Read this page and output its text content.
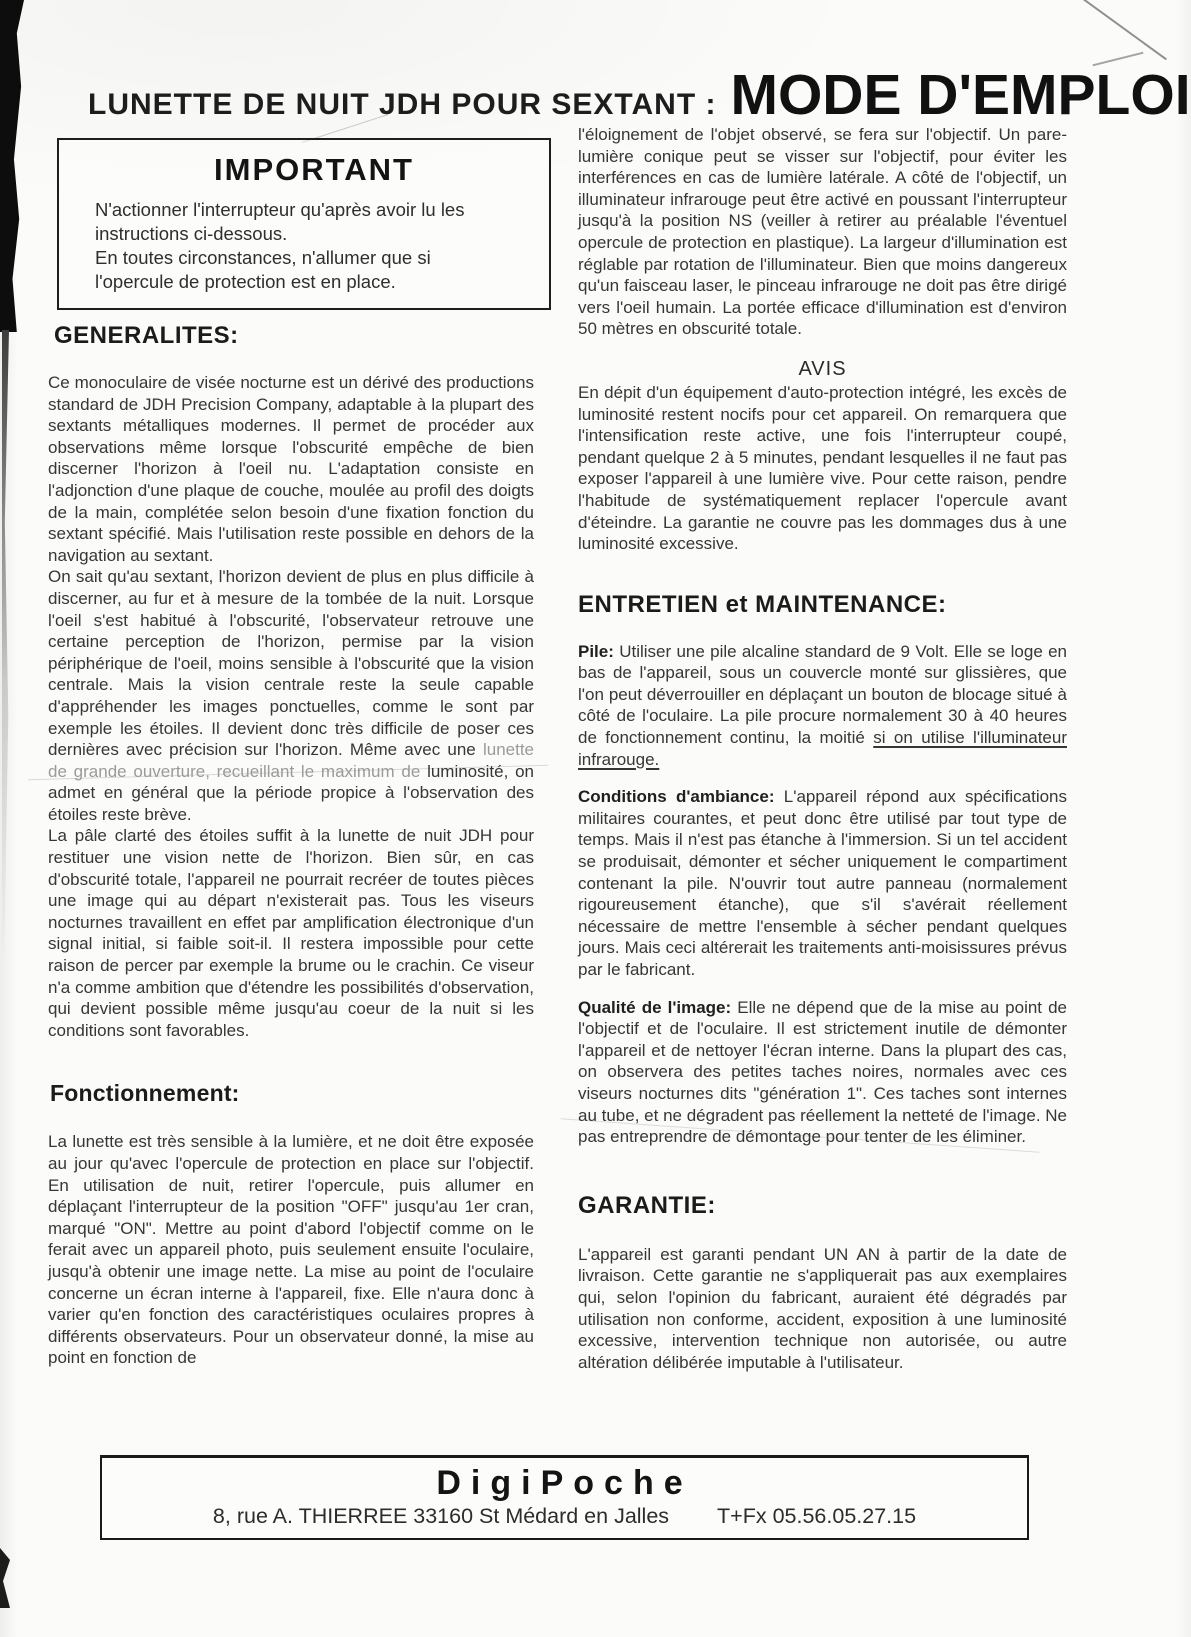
LUNETTE DE NUIT JDH POUR SEXTANT : MODE D'EMPLOI
IMPORTANT
N'actionner l'interrupteur qu'après avoir lu les
instructions ci-dessous.
En toutes circonstances, n'allumer que si
l'opercule de protection est en place.
GENERALITES:

Ce monoculaire de visée nocturne est un dérivé des productions standard de JDH Precision Company, adaptable à la plupart des sextants métalliques modernes. Il permet de procéder aux observations même lorsque l'obscurité empêche de bien discerner l'horizon à l'oeil nu. L'adaptation consiste en l'adjonction d'une plaque de couche, moulée au profil des doigts de la main, complétée selon besoin d'une fixation fonction du sextant spécifié. Mais l'utilisation reste possible en dehors de la navigation au sextant.

On sait qu'au sextant, l'horizon devient de plus en plus difficile à discerner, au fur et à mesure de la tombée de la nuit. Lorsque l'oeil s'est habitué à l'obscurité, l'observateur retrouve une certaine perception de l'horizon, permise par la vision périphérique de l'oeil, moins sensible à l'obscurité que la vision centrale. Mais la vision centrale reste la seule capable d'appréhender les images ponctuelles, comme le sont par exemple les étoiles. Il devient donc très difficile de poser ces dernières avec précision sur l'horizon. Même avec une lunette de grande ouverture, recueillant le maximum de luminosité, on admet en général que la période propice à l'observation des étoiles reste brève.

La pâle clarté des étoiles suffit à la lunette de nuit JDH pour restituer une vision nette de l'horizon. Bien sûr, en cas d'obscurité totale, l'appareil ne pourrait recréer de toutes pièces une image qui au départ n'existerait pas. Tous les viseurs nocturnes travaillent en effet par amplification électronique d'un signal initial, si faible soit-il. Il restera impossible pour cette raison de percer par exemple la brume ou le crachin. Ce viseur n'a comme ambition que d'étendre les possibilités d'observation, qui devient possible même jusqu'au coeur de la nuit si les conditions sont favorables.

Fonctionnement:

La lunette est très sensible à la lumière, et ne doit être exposée au jour qu'avec l'opercule de protection en place sur l'objectif. En utilisation de nuit, retirer l'opercule, puis allumer en déplaçant l'interrupteur de la position "OFF" jusqu'au 1er cran, marqué "ON". Mettre au point d'abord l'objectif comme on le ferait avec un appareil photo, puis seulement ensuite l'oculaire, jusqu'à obtenir une image nette. La mise au point de l'oculaire concerne un écran interne à l'appareil, fixe. Elle n'aura donc à varier qu'en fonction des caractéristiques oculaires propres à différents observateurs. Pour un observateur donné, la mise au point en fonction de

l'éloignement de l'objet observé, se fera sur l'objectif. Un pare-lumière conique peut se visser sur l'objectif, pour éviter les interférences en cas de lumière latérale. A côté de l'objectif, un illuminateur infrarouge peut être activé en poussant l'interrupteur jusqu'à la position NS (veiller à retirer au préalable l'éventuel opercule de protection en plastique). La largeur d'illumination est réglable par rotation de l'illuminateur. Bien que moins dangereux qu'un faisceau laser, le pinceau infrarouge ne doit pas être dirigé vers l'oeil humain. La portée efficace d'illumination est d'environ 50 mètres en obscurité totale.

AVIS

En dépit d'un équipement d'auto-protection intégré, les excès de luminosité restent nocifs pour cet appareil. On remarquera que l'intensification reste active, une fois l'interrupteur coupé, pendant quelque 2 à 5 minutes, pendant lesquelles il ne faut pas exposer l'appareil à une lumière vive. Pour cette raison, pendre l'habitude de systématiquement replacer l'opercule avant d'éteindre. La garantie ne couvre pas les dommages dus à une luminosité excessive.

ENTRETIEN et MAINTENANCE:

Pile: Utiliser une pile alcaline standard de 9 Volt. Elle se loge en bas de l'appareil, sous un couvercle monté sur glissières, que l'on peut déverrouiller en déplaçant un bouton de blocage situé à côté de l'oculaire. La pile procure normalement 30 à 40 heures de fonctionnement continu, la moitié si on utilise l'illuminateur infrarouge.

Conditions d'ambiance: L'appareil répond aux spécifications militaires courantes, et peut donc être utilisé par tout type de temps. Mais il n'est pas étanche à l'immersion. Si un tel accident se produisait, démonter et sécher uniquement le compartiment contenant la pile. N'ouvrir tout autre panneau (normalement rigoureusement étanche), que s'il s'avérait réellement nécessaire de mettre l'ensemble à sécher pendant quelques jours. Mais ceci altérerait les traitements anti-moisissures prévus par le fabricant.

Qualité de l'image: Elle ne dépend que de la mise au point de l'objectif et de l'oculaire. Il est strictement inutile de démonter l'appareil et de nettoyer l'écran interne. Dans la plupart des cas, on observera des petites taches noires, normales avec ces viseurs nocturnes dits "génération 1". Ces taches sont internes au tube, et ne dégradent pas réellement la netteté de l'image. Ne pas entreprendre de démontage pour tenter de les éliminer.

GARANTIE:

L'appareil est garanti pendant UN AN à partir de la date de livraison. Cette garantie ne s'appliquerait pas aux exemplaires qui, selon l'opinion du fabricant, auraient été dégradés par utilisation non conforme, accident, exposition à une luminosité excessive, intervention technique non autorisée, ou autre altération délibérée imputable à l'utilisateur.

DigiPoche
8, rue A. THIERREE 33160 St Médard en Jalles T+Fx 05.56.05.27.15
